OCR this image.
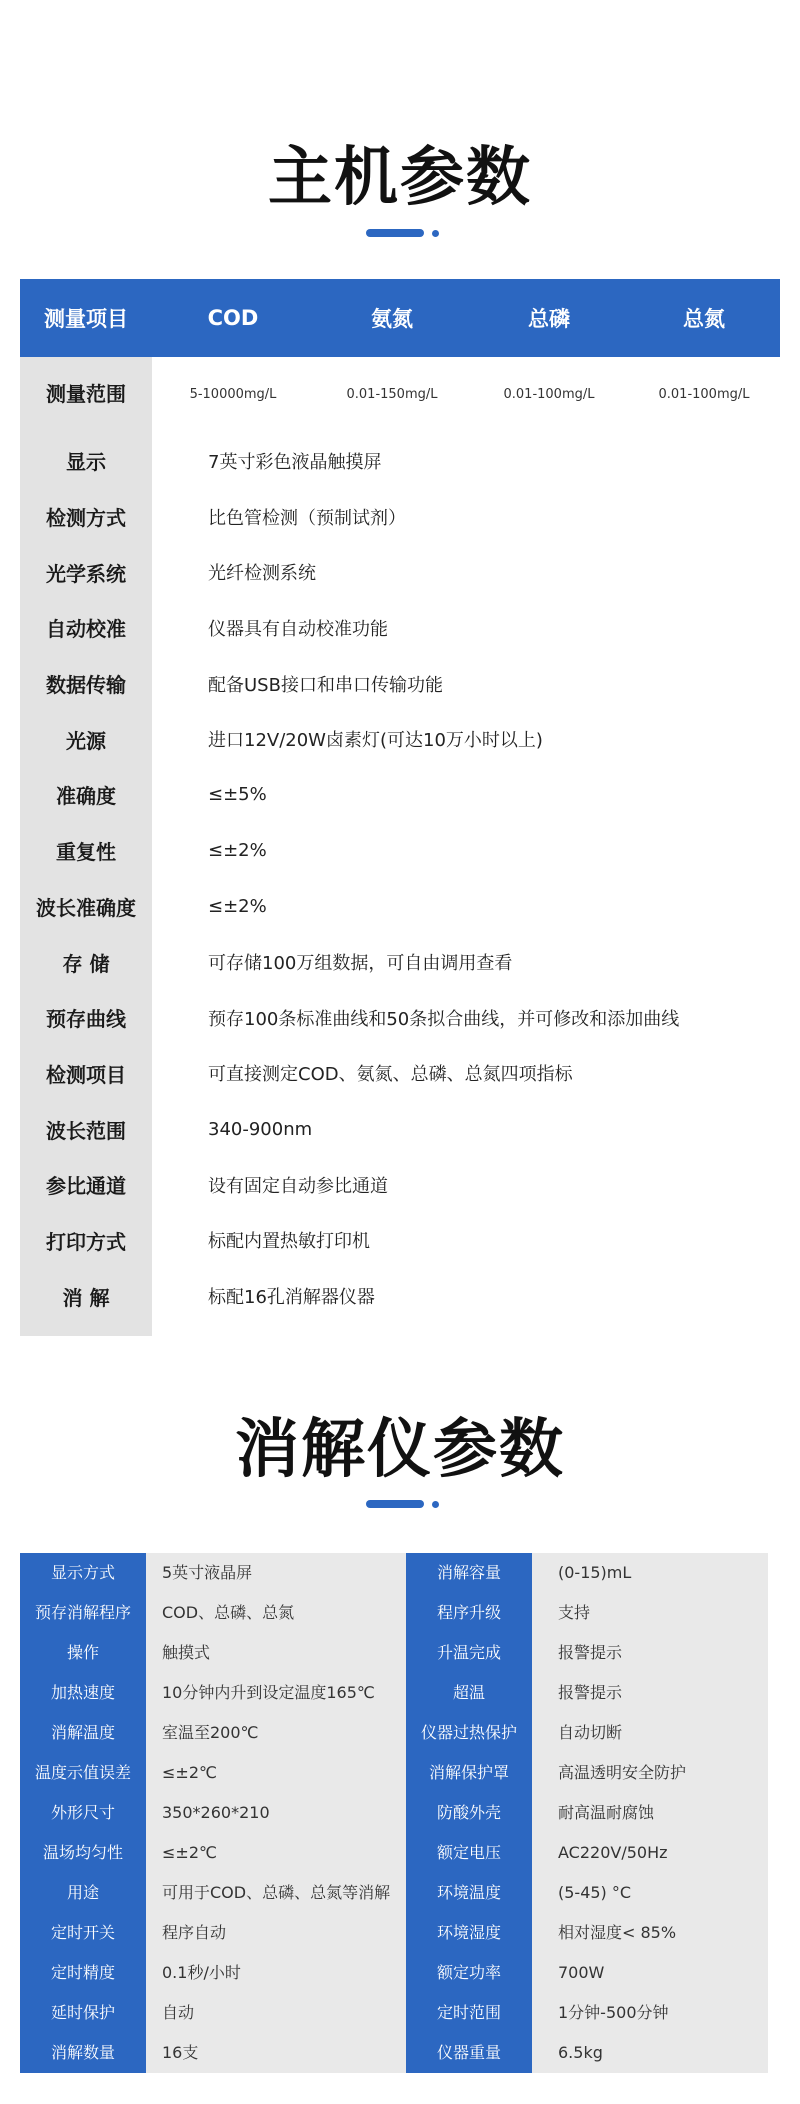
主机参数
测量项目	COD	氨氮	总磷	总氮
测量范围	5-10000mg/L	0.01-150mg/L	0.01-100mg/L	0.01-100mg/L
显示	7英寸彩色液晶触摸屏
检测方式	比色管检测（预制试剂）
光学系统	光纤检测系统
自动校准	仪器具有自动校准功能
数据传输	配备USB接口和串口传输功能
光源	进口12V/20W卤素灯(可达10万小时以上)
准确度	≤±5%
重复性	≤±2%
波长准确度	≤±2%
存 储	可存储100万组数据，可自由调用查看
预存曲线	预存100条标准曲线和50条拟合曲线，并可修改和添加曲线
检测项目	可直接测定COD、氨氮、总磷、总氮四项指标
波长范围	340-900nm
参比通道	设有固定自动参比通道
打印方式	标配内置热敏打印机
消 解	标配16孔消解器仪器
消解仪参数
显示方式	5英寸液晶屏	消解容量	(0-15)mL
预存消解程序	COD、总磷、总氮	程序升级	支持
操作	触摸式	升温完成	报警提示
加热速度	10分钟内升到设定温度165℃	超温	报警提示
消解温度	室温至200℃	仪器过热保护	自动切断
温度示值误差	≤±2℃	消解保护罩	高温透明安全防护
外形尺寸	350*260*210	防酸外壳	耐高温耐腐蚀
温场均匀性	≤±2℃	额定电压	AC220V/50Hz
用途	可用于COD、总磷、总氮等消解	环境温度	(5-45) °C
定时开关	程序自动	环境湿度	相对湿度< 85%
定时精度	0.1秒/小时	额定功率	700W
延时保护	自动	定时范围	1分钟-500分钟
消解数量	16支	仪器重量	6.5kg
